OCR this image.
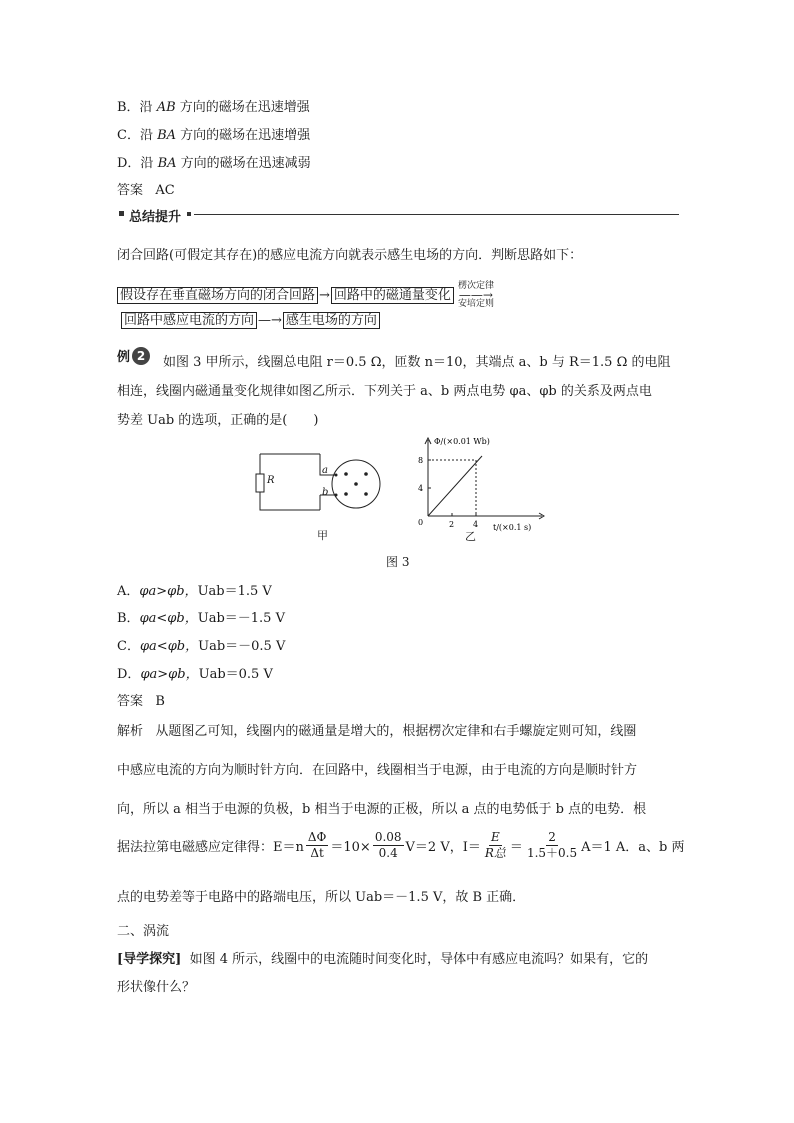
B．沿 AB 方向的磁场在迅速增强
C．沿 BA 方向的磁场在迅速增强
D．沿 BA 方向的磁场在迅速减弱
答案 AC
总结提升
闭合回路(可假定其存在)的感应电流方向就表示感生电场的方向．判断思路如下：
假设存在垂直磁场方向的闭合回路 → 回路中的磁通量变化
楞次定律
——→
安培定则
回路中感应电流的方向 —→ 感生电场的方向
例 2	如图 3 甲所示，线圈总电阻 r＝0.5 Ω，匝数 n＝10，其端点 a、b 与 R＝1.5 Ω 的电阻
相连，线圈内磁通量变化规律如图乙所示．下列关于 a、b 两点电势 φa、φb 的关系及两点电
势差 Uab 的选项，正确的是(　　)
R
a
b
甲
Φ/(×0.01 Wb)
t/(×0.1 s)
0	2 4
4
8
乙
图 3
A．φa>φb，Uab＝1.5 V
B．φa<φb，Uab＝－1.5 V
C．φa<φb，Uab＝－0.5 V
D．φa>φb，Uab＝0.5 V
答案 B
解析 从题图乙可知，线圈内的磁通量是增大的，根据楞次定律和右手螺旋定则可知，线圈
中感应电流的方向为顺时针方向．在回路中，线圈相当于电源，由于电流的方向是顺时针方
向，所以 a 相当于电源的负极，b 相当于电源的正极，所以 a 点的电势低于 b 点的电势．根
据法拉第电磁感应定律得：$E=n \frac{\Delta\Phi}{\Delta t} =10\times \frac{0.08}{0.4} V=2$ V，$I= \frac{E}{\text{R总}} = \frac{2}{1.5+0.5} A=1$ A．a、b 两
点的电势差等于电路中的路端电压，所以 Uab＝－1.5 V，故 B 正确．
二、涡流
[导学探究] 如图 4 所示，线圈中的电流随时间变化时，导体中有感应电流吗？如果有，它的
形状像什么？
